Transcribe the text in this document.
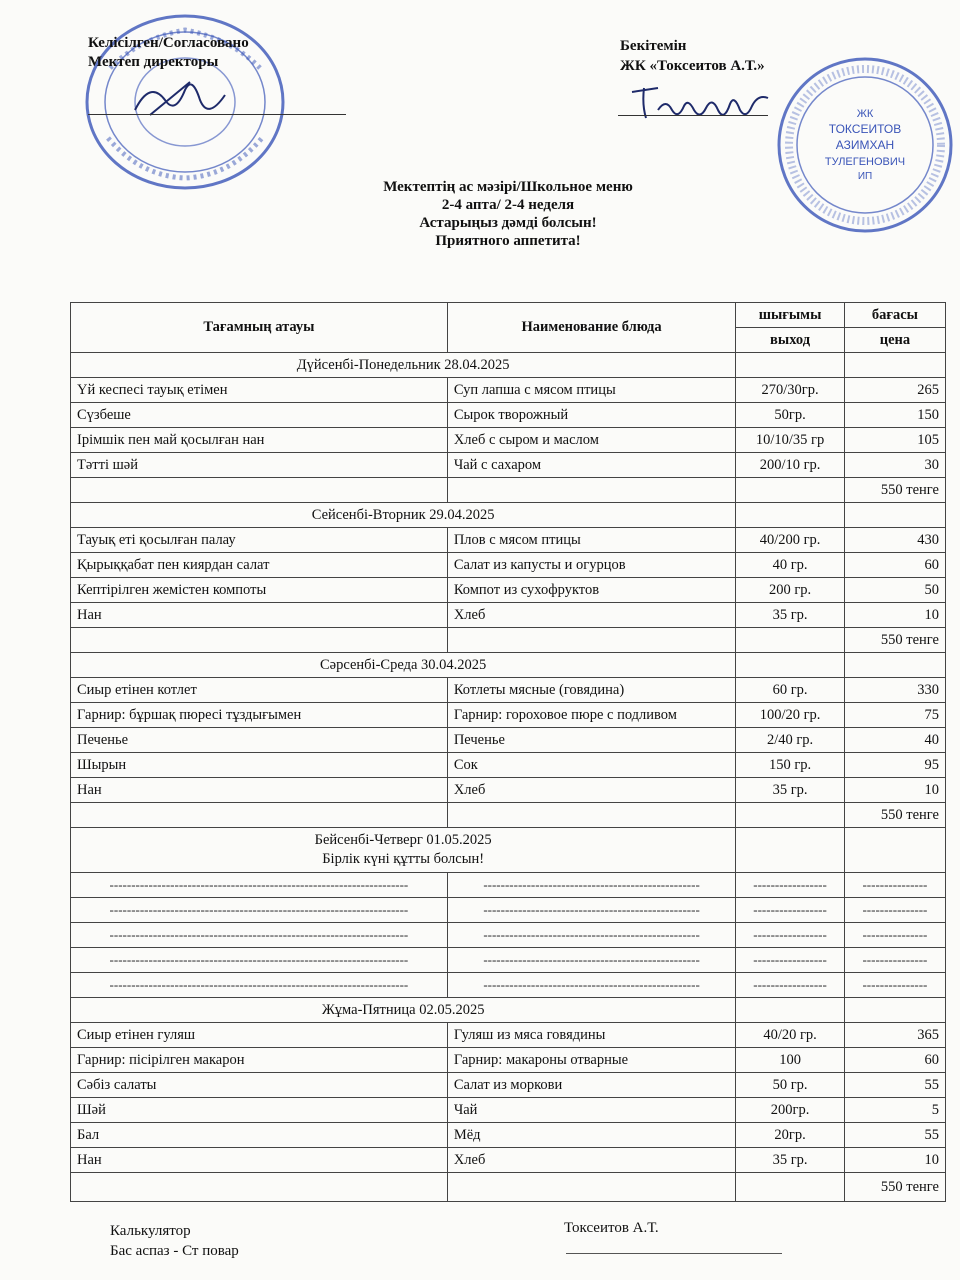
ЖК
ТОКСЕИТОВ
АЗИМХАН
ТУЛЕГЕНОВИЧ
ИП
Келісілген/Согласовано
Мектеп директоры
Бекітемін
ЖК «Токсеитов А.Т.»
Мектептің ас мәзірі/Школьное меню
2-4 апта/ 2-4 неделя
Астарыңыз дәмді болсын!
Приятного аппетита!
Тағамның атауы	Наименование блюда	шығымы	бағасы
		выход	цена
Дүйсенбі-Понедельник 28.04.2025			
Үй кеспесі тауық етімен	Суп лапша с мясом птицы	270/30гр.	265
Сүзбеше	Сырок творожный	50гр.	150
Ірімшік пен май қосылған нан	Хлеб с сыром и маслом	10/10/35 гр	105
Тәтті шәй	Чай с сахаром	200/10 гр.	30
			550 тенге
Сейсенбі-Вторник 29.04.2025			
Тауық еті қосылған палау	Плов с мясом птицы	40/200 гр.	430
Қырыққабат пен киярдан салат	Салат из капусты и огурцов	40 гр.	60
Кептірілген жемістен компоты	Компот из сухофруктов	200 гр.	50
Нан	Хлеб	35 гр.	10
			550 тенге
Сәрсенбі-Среда 30.04.2025			
Сиыр етінен котлет	Котлеты мясные (говядина)	60 гр.	330
Гарнир: бұршақ пюресі тұздығымен	Гарнир: гороховое пюре с подливом	100/20 гр.	75
Печенье	Печенье	2/40 гр.	40
Шырын	Сок	150 гр.	95
Нан	Хлеб	35 гр.	10
			550 тенге

Бейсенбі-Четверг 01.05.2025
Бірлік күні құтты болсын!			

---------------------------------------------------------------------	--------------------------------------------------	-----------------	---------------
---------------------------------------------------------------------	--------------------------------------------------	-----------------	---------------
---------------------------------------------------------------------	--------------------------------------------------	-----------------	---------------
---------------------------------------------------------------------	--------------------------------------------------	-----------------	---------------
---------------------------------------------------------------------	--------------------------------------------------	-----------------	---------------
Жұма-Пятница 02.05.2025			
Сиыр етінен гуляш	Гуляш из мяса говядины	40/20 гр.	365
Гарнир: пісірілген макарон	Гарнир: макароны отварные	100	60
Сәбіз салаты	Салат из моркови	50 гр.	55
Шәй	Чай	200гр.	5
Бал	Мёд	20гр.	55
Нан	Хлеб	35 гр.	10
			550 тенге
Калькулятор
Бас аспаз - Ст повар
Токсеитов А.Т.
